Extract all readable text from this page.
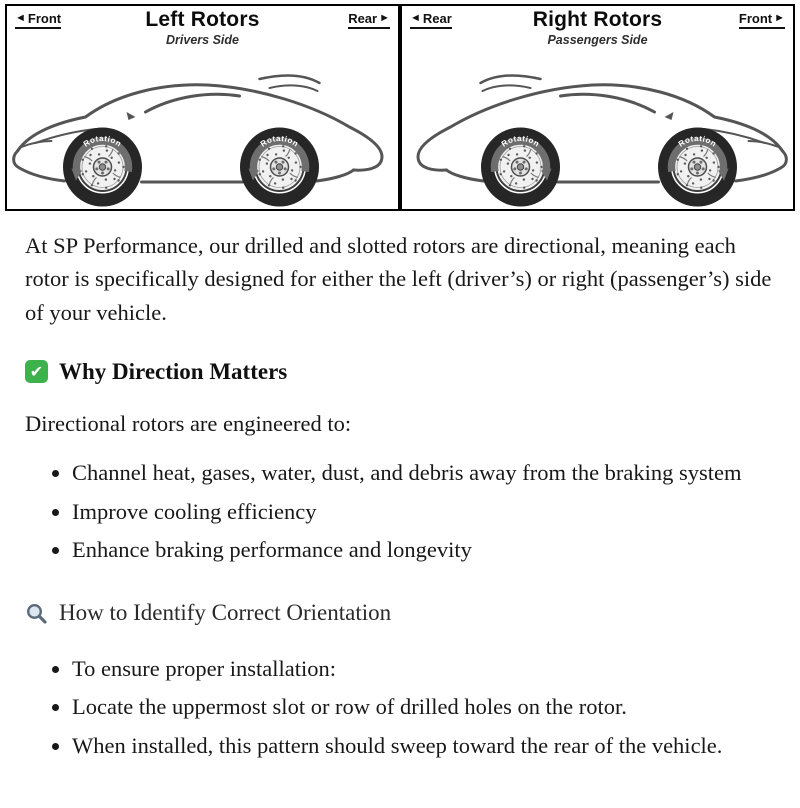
◄ Front	Rear ►
Left Rotors
Drivers Side
◄ Rear	Front ►
Right Rotors
Passengers Side

At SP Performance, our drilled and slotted rotors are directional, meaning each rotor is specifically designed for either the left (driver’s) or right (passenger’s) side of your vehicle.

✔ Why Direction Matters

Directional rotors are engineered to:

• Channel heat, gases, water, dust, and debris away from the braking system
• Improve cooling efficiency
• Enhance braking performance and longevity
How to Identify Correct Orientation
• To ensure proper installation:
• Locate the uppermost slot or row of drilled holes on the rotor.
• When installed, this pattern should sweep toward the rear of the vehicle.
